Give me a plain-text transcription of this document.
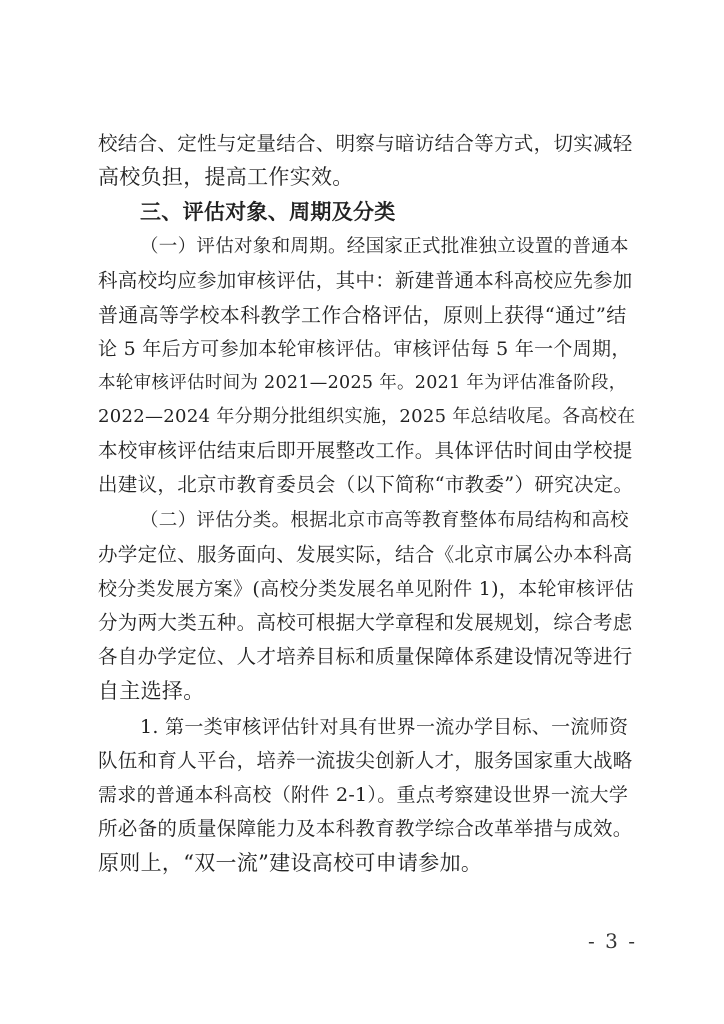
校结合、定性与定量结合、明察与暗访结合等方式，切实减轻
高校负担，提高工作实效。
三、评估对象、周期及分类
（一）评估对象和周期。经国家正式批准独立设置的普通本
科高校均应参加审核评估，其中：新建普通本科高校应先参加
普通高等学校本科教学工作合格评估，原则上获得“通过”结
论 5 年后方可参加本轮审核评估。审核评估每 5 年一个周期，
本轮审核评估时间为 2021—2025 年。2021 年为评估准备阶段，
2022—2024 年分期分批组织实施，2025 年总结收尾。各高校在
本校审核评估结束后即开展整改工作。具体评估时间由学校提
出建议，北京市教育委员会（以下简称“市教委”）研究决定。
（二）评估分类。根据北京市高等教育整体布局结构和高校
办学定位、服务面向、发展实际，结合《北京市属公办本科高
校分类发展方案》(高校分类发展名单见附件 1)，本轮审核评估
分为两大类五种。高校可根据大学章程和发展规划，综合考虑
各自办学定位、人才培养目标和质量保障体系建设情况等进行
自主选择。
1. 第一类审核评估针对具有世界一流办学目标、一流师资
队伍和育人平台，培养一流拔尖创新人才，服务国家重大战略
需求的普通本科高校（附件 2-1）。重点考察建设世界一流大学
所必备的质量保障能力及本科教育教学综合改革举措与成效。
原则上，“双一流”建设高校可申请参加。
- 3 -
